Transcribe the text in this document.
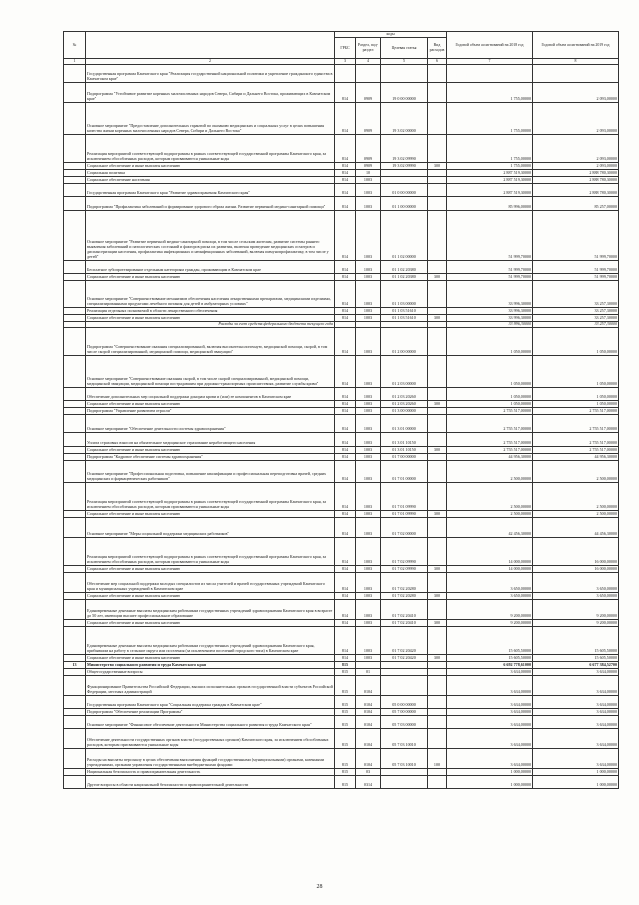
№		коды				Годовой объем ассигнований на 2018 год	Годовой объем ассигнований на 2019 год
		ГРБС	Раздел, под-раздел	Целевая статья	Вид расходов		
1	2	3	4	5	6	7	8
	Государственная программа Камчатского края "Реализация государственной национальной политики и укрепление гражданского единства в Камчатском крае"						
	Подпрограмма "Устойчивое развитие коренных малочисленных народов Севера, Сибири и Дальнего Востока, проживающих в Камчатском крае"	814	0909	19 0 00 00000		1 755,00000	2 093,00000
	Основное мероприятие "Предоставление дополнительных гарантий по оказанию медицинских и социальных услуг в целях повышения качества жизни коренных малочисленных народов Севера, Сибири и Дальнего Востока"	814	0909	19 3 02 00000		1 755,00000	2 093,00000
	Реализация мероприятий соответствующей подпрограммы в рамках соответствующей государственной программы Камчатского края, за исключением обособленных расходов, которым присваиваются уникальные коды	814	0909	19 3 02 09990		1 755,00000	2 093,00000
	Социальное обеспечение и иные выплаты населению	814	0909	19 3 02 09990	300	1 755,00000	2 093,00000
	Социальная политика	814	10			2 887 519,30000	2 888 780,30000
	Социальное обеспечение населения	814	1003			2 887 519,30000	2 888 780,30000
	Государственная программа Камчатского края "Развитие здравоохранения Камчатского края"	814	1003	01 0 00 00000		2 887 519,30000	2 888 780,30000
	Подпрограмма "Профилактика заболеваний и формирование здорового образа жизни. Развитие первичной медико-санитарной помощи"	814	1003	01 1 00 00000		85 996,00000	85 257,00000
	Основное мероприятие "Развитие первичной медико-санитарной помощи, в том числе сельским жителям, развитие системы раннего выявления заболеваний и патологических состояний и факторов риска их развития, включая проведение медицинских осмотров и диспансеризации населения, профилактика инфекционных и неинфекционных заболеваний, включая иммунопрофилактику, в том числе у детей"	814	1003	01 1 02 00000		51 999,70000	51 999,70000
	Бесплатное зубопротезирование отдельным категориям граждан, проживающим в Камчатском крае	814	1003	01 1 02 20380		51 999,70000	51 999,70000
	Социальное обеспечение и иные выплаты населению	814	1003	01 1 02 20380	300	51 999,70000	51 999,70000
	Основное мероприятие "Совершенствование механизмов обеспечения населения лекарственными препаратами, медицинскими изделиями, специализированными продуктами лечебного питания для детей в амбулаторных условиях"	814	1003	01 1 03 00000		33 996,30000	33 257,30000
	Реализация отдельных полномочий в области лекарственного обеспечения	814	1003	01 1 03 51610		33 996,30000	33 257,30000
	Социальное обеспечение и иные выплаты населению	814	1003	01 1 03 51610	300	33 996,30000	33 257,30000
	Расходы за счет средств федерального бюджета текущего года					33 996,30000	33 257,30000
	Подпрограмма "Совершенствование оказания специализированной, включая высокотехнологичную, медицинской помощи, скорой, в том числе скорой специализированной, медицинской помощи, медицинской эвакуации"	814	1003	01 2 00 00000		1 050,00000	1 050,00000
	Основное мероприятие "Совершенствование оказания скорой, в том числе скорой специализированной, медицинской помощи, медицинской эвакуации, медицинской помощи пострадавшим при дорожно-транспортных происшествиях, развитие службы крови"	814	1003	01 2 03 00000		1 050,00000	1 050,00000
	Обеспечение дополнительных мер социальной поддержки донорам крови и (или) ее компонентов в Камчатском крае	814	1003	01 2 03 20260		1 050,00000	1 050,00000
	Социальное обеспечение и иные выплаты населению	814	1003	01 2 03 20260	300	1 050,00000	1 050,00000
	Подпрограмма "Управление развитием отрасли"	814	1003	01 3 00 00000		2 755 517,00000	2 755 517,00000
	Основное мероприятие "Обеспечение деятельности системы здравоохранения"	814	1003	01 3 01 00000		2 755 517,00000	2 755 517,00000
	Уплата страховых взносов на обязательное медицинское страхование неработающего населения	814	1003	01 3 01 10150		2 755 517,00000	2 755 517,00000
	Социальное обеспечение и иные выплаты населению	814	1003	01 3 01 10150	300	2 755 517,00000	2 755 517,00000
	Подпрограмма "Кадровое обеспечение системы здравоохранения"	814	1003	01 7 00 00000		44 956,30000	44 956,30000
	Основное мероприятие "Профессиональная подготовка, повышение квалификации и профессиональная переподготовка врачей, средних медицинских и фармацевтических работников"	814	1003	01 7 01 00000		2 500,00000	2 500,00000
	Реализация мероприятий соответствующей подпрограммы в рамках соответствующей государственной программы Камчатского края, за исключением обособленных расходов, которым присваиваются уникальные коды	814	1003	01 7 01 09990		2 500,00000	2 500,00000
	Социальное обеспечение и иные выплаты населению	814	1003	01 7 01 09990	300	2 500,00000	2 500,00000
	Основное мероприятие "Меры социальной поддержки медицинских работников"	814	1003	01 7 02 00000		42 456,30000	44 456,30000
	Реализация мероприятий соответствующей подпрограммы в рамках соответствующей государственной программы Камчатского края, за исключением обособленных расходов, которым присваиваются уникальные коды	814	1003	01 7 02 09990		14 000,00000	16 000,00000
	Социальное обеспечение и иные выплаты населению	814	1003	01 7 02 09990	300	14 000,00000	16 000,00000
	Обеспечение мер социальной поддержки молодых специалистов из числа учителей и врачей государственных учреждений Камчатского края и муниципальных учреждений в Камчатском крае	814	1003	01 7 02 20280		3 650,00000	3 650,00000
	Социальное обеспечение и иные выплаты населению	814	1003	01 7 02 20280	300	3 650,00000	3 650,00000
	Единовременные денежные выплаты медицинским работникам государственных учреждений здравоохранения Камчатского края в возрасте до 50 лет, имеющим высшее профессиональное образование	814	1003	01 7 02 20410		9 200,00000	9 200,00000
	Социальное обеспечение и иные выплаты населению	814	1003	01 7 02 20410	300	9 200,00000	9 200,00000
	Единовременные денежные выплаты медицинским работникам государственных учреждений здравоохранения Камчатского края, прибывшим на работу в сельские округа или поселения (за исключением поселений городского типа) в Камчатском крае	814	1003	01 7 02 20420		15 605,50000	15 605,50000
	Социальное обеспечение и иные выплаты населению	814	1003	01 7 02 20420	300	15 605,50000	15 605,50000
13	Министерство социального развития и труда Камчатского края	815				6 692 778,61000	6 677 384,52700
	Общегосударственные вопросы	815	01			3 634,00000	3 634,00000
	Функционирование Правительства Российской Федерации, высших исполнительных органов государственной власти субъектов Российской Федерации, местных администраций	815	0104			3 634,00000	3 634,00000
	Государственная программа Камчатского края "Социальная поддержка граждан в Камчатском крае"	815	0104	05 0 00 00000		3 634,00000	3 634,00000
	Подпрограмма "Обеспечение реализации Программы"	815	0104	05 7 00 00000		3 634,00000	3 634,00000
	Основное мероприятие "Финансовое обеспечение деятельности Министерства социального развития и труда Камчатского края"	815	0104	05 7 03 00000		3 634,00000	3 634,00000
	Обеспечение деятельности государственных органов власти (государственных органов) Камчатского края, за исключением обособленных расходов, которым присваиваются уникальные коды	815	0104	05 7 03 10010		3 634,00000	3 634,00000
	Расходы на выплаты персоналу в целях обеспечения выполнения функций государственными (муниципальными) органами, казенными учреждениями, органами управления государственными внебюджетными фондами	815	0104	05 7 03 10010	100	3 634,00000	3 634,00000
	Национальная безопасность и правоохранительная деятельность	815	03			1 000,00000	1 000,00000
	Другие вопросы в области национальной безопасности и правоохранительной деятельности	815	0314			1 000,00000	1 000,00000
28
